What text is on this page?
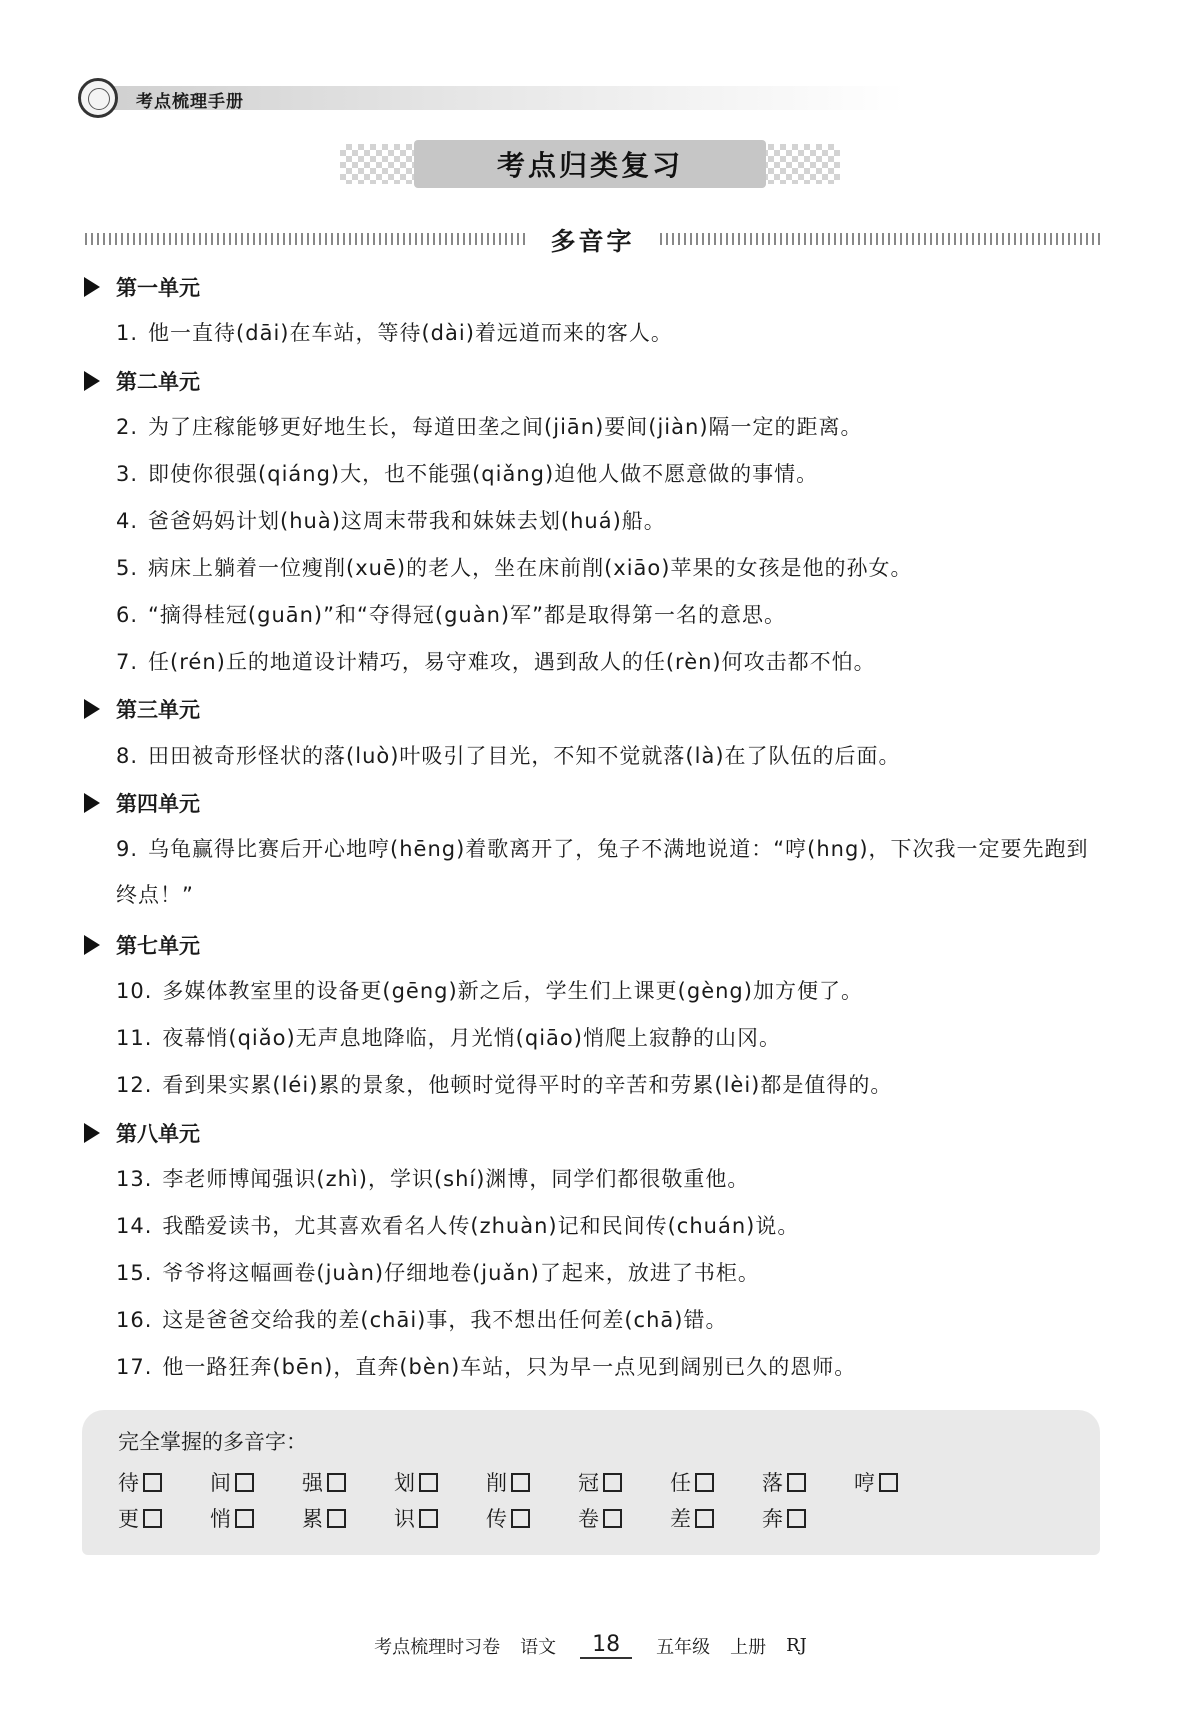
考点梳理手册
考点归类复习
多音字
第一单元
1. 他一直待(dāi)在车站，等待(dài)着远道而来的客人。
第二单元
2. 为了庄稼能够更好地生长，每道田垄之间(jiān)要间(jiàn)隔一定的距离。
3. 即使你很强(qiáng)大，也不能强(qiǎng)迫他人做不愿意做的事情。
4. 爸爸妈妈计划(huà)这周末带我和妹妹去划(huá)船。
5. 病床上躺着一位瘦削(xuē)的老人，坐在床前削(xiāo)苹果的女孩是他的孙女。
6. “摘得桂冠(guān)”和“夺得冠(guàn)军”都是取得第一名的意思。
7. 任(rén)丘的地道设计精巧，易守难攻，遇到敌人的任(rèn)何攻击都不怕。
第三单元
8. 田田被奇形怪状的落(luò)叶吸引了目光，不知不觉就落(là)在了队伍的后面。
第四单元
9. 乌龟赢得比赛后开心地哼(hēng)着歌离开了，兔子不满地说道：“哼(hng)，下次我一定要先跑到终点！”
第七单元
10. 多媒体教室里的设备更(gēng)新之后，学生们上课更(gèng)加方便了。
11. 夜幕悄(qiǎo)无声息地降临，月光悄(qiāo)悄爬上寂静的山冈。
12. 看到果实累(léi)累的景象，他顿时觉得平时的辛苦和劳累(lèi)都是值得的。
第八单元
13. 李老师博闻强识(zhì)，学识(shí)渊博，同学们都很敬重他。
14. 我酷爱读书，尤其喜欢看名人传(zhuàn)记和民间传(chuán)说。
15. 爷爷将这幅画卷(juàn)仔细地卷(juǎn)了起来，放进了书柜。
16. 这是爸爸交给我的差(chāi)事，我不想出任何差(chā)错。
17. 他一路狂奔(bēn)，直奔(bèn)车站，只为早一点见到阔别已久的恩师。
完全掌握的多音字：
待	间	强	划	削	冠	任	落	哼
更	悄	累	识	传	卷	差	奔
考点梳理时习卷 语文	18	五年级 上册 RJ
